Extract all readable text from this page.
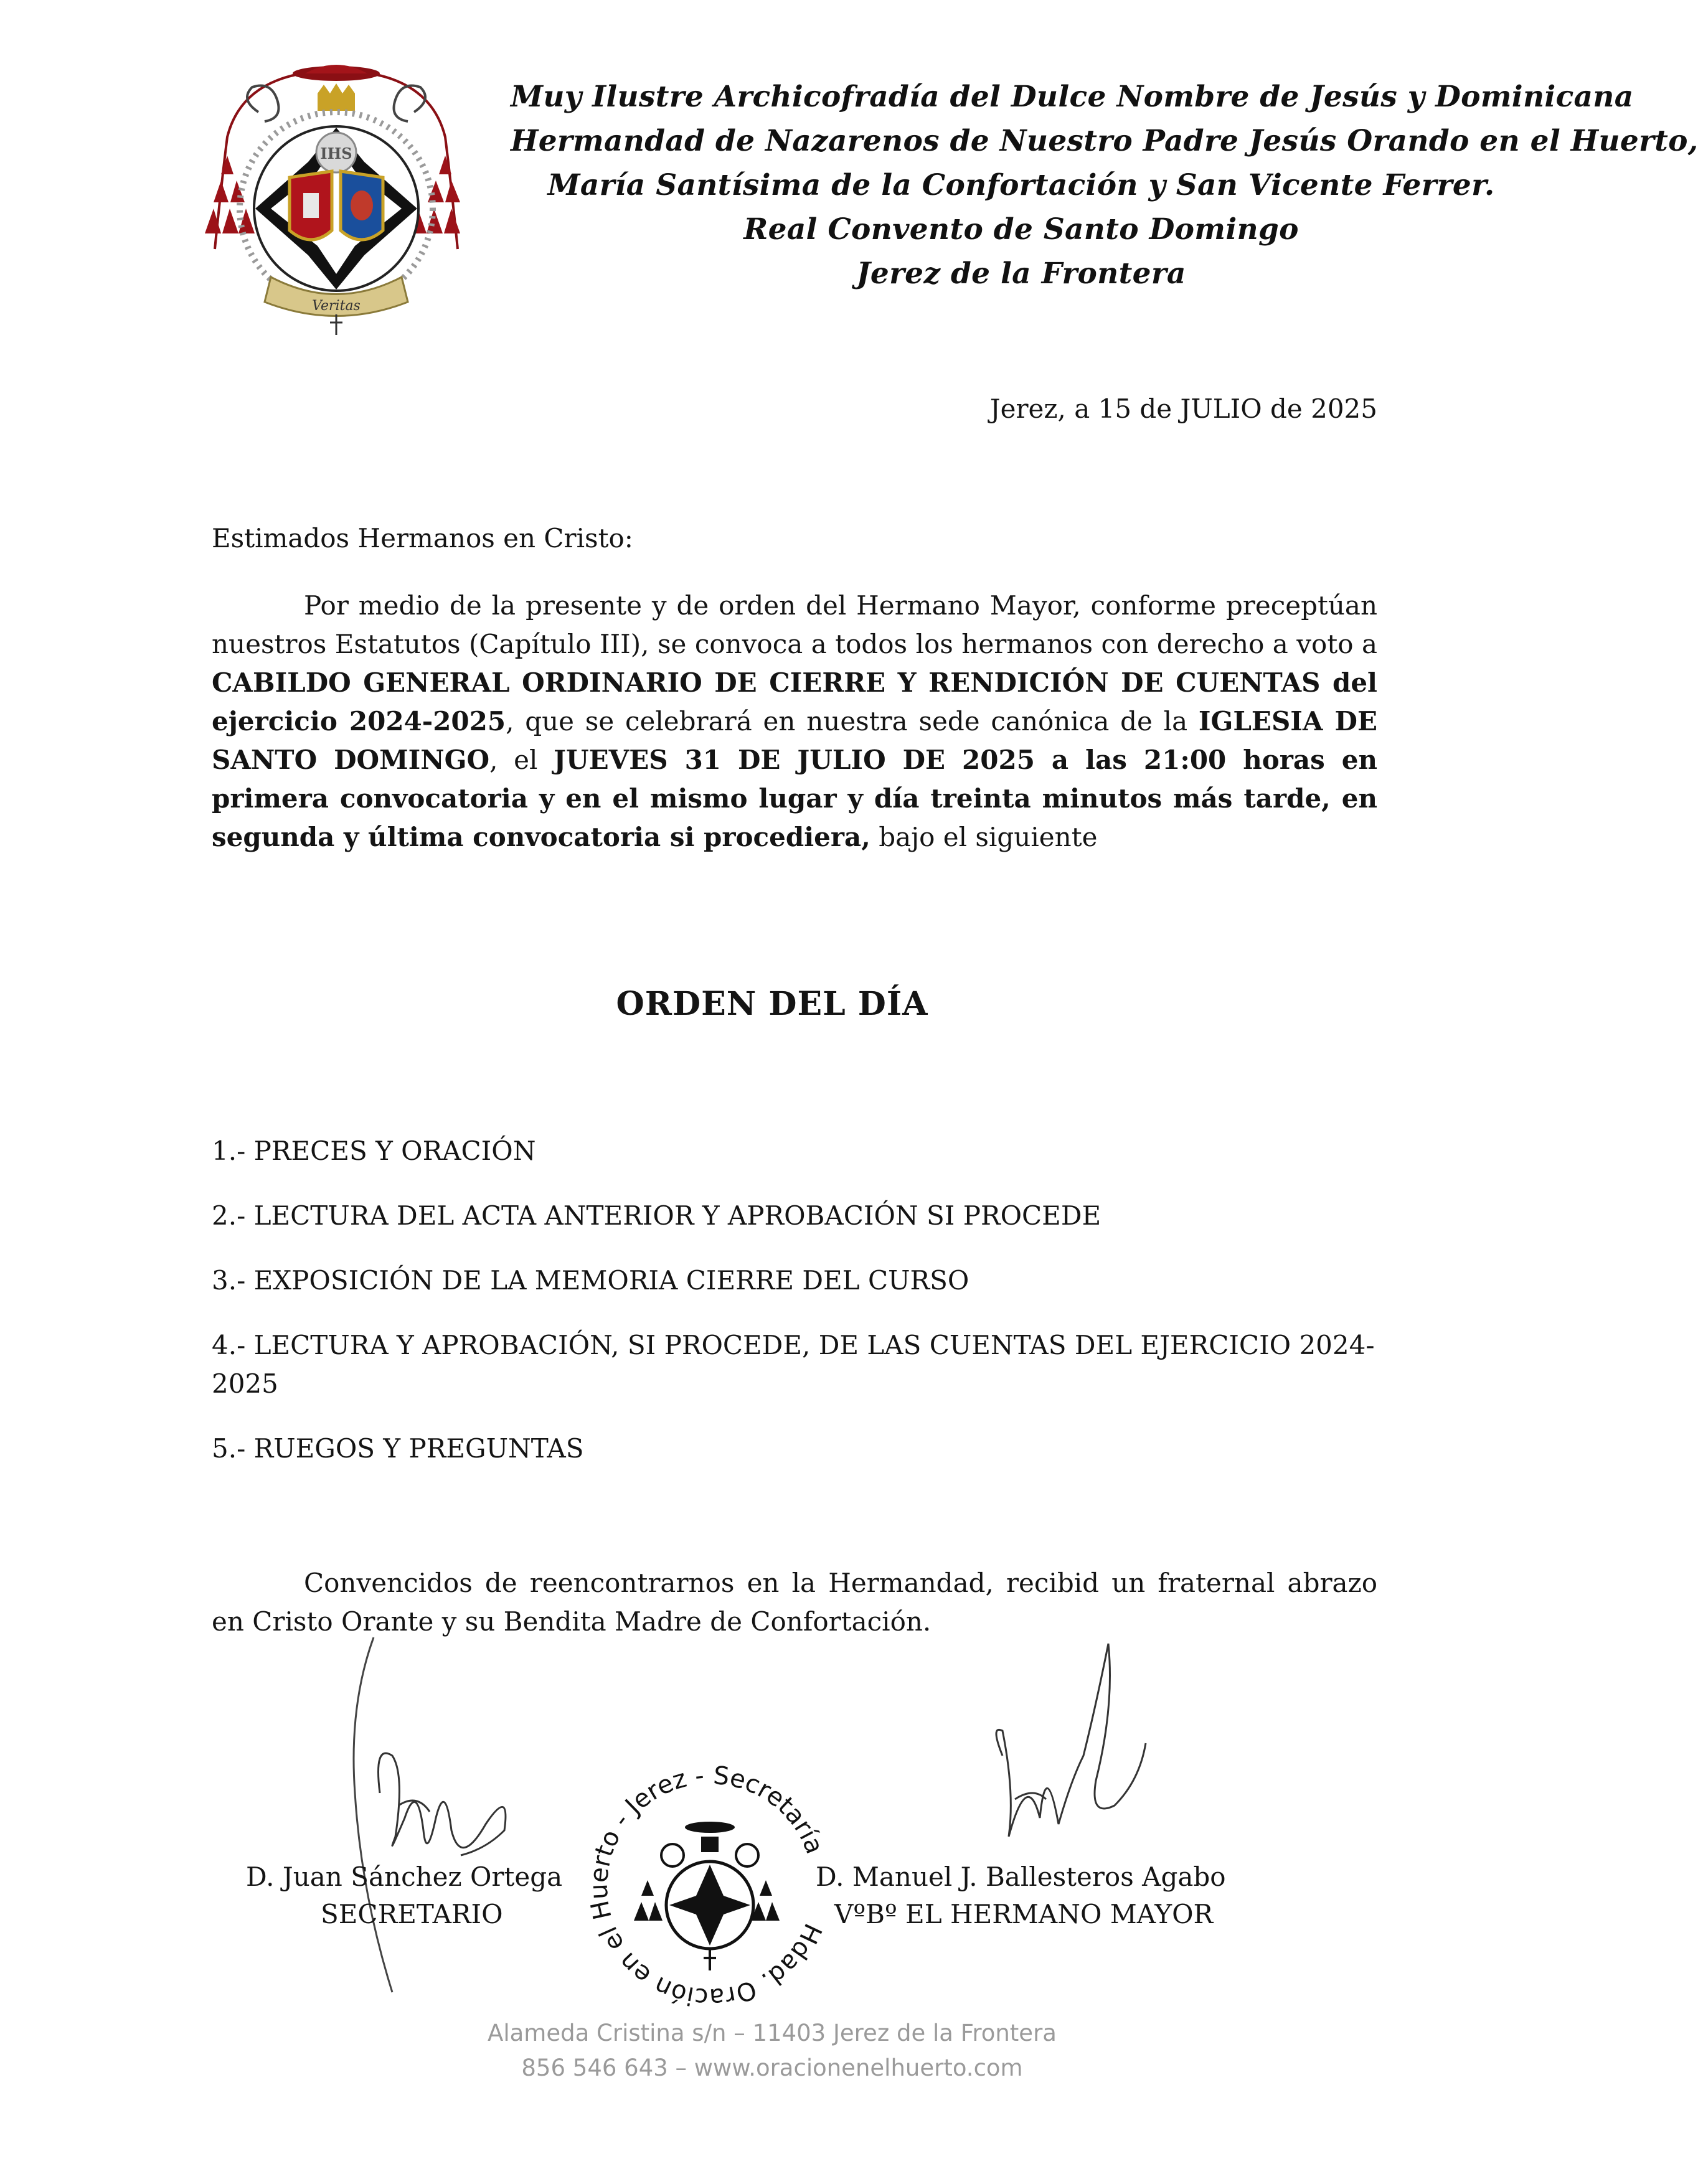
IHS
Veritas
Muy Ilustre Archicofradía del Dulce Nombre de Jesús y Dominicana
Hermandad de Nazarenos de Nuestro Padre Jesús Orando en el Huerto,
María Santísima de la Confortación y San Vicente Ferrer.
Real Convento de Santo Domingo
Jerez de la Frontera
Jerez, a 15 de JULIO de 2025
Estimados Hermanos en Cristo:
Por medio de la presente y de orden del Hermano Mayor, conforme preceptúan nuestros Estatutos (Capítulo III), se convoca a todos los hermanos con derecho a voto a CABILDO GENERAL ORDINARIO DE CIERRE Y RENDICIÓN DE CUENTAS del ejercicio 2024-2025, que se celebrará en nuestra sede canónica de la IGLESIA DE SANTO DOMINGO, el JUEVES 31 DE JULIO DE 2025 a las 21:00 horas en primera convocatoria y en el mismo lugar y día treinta minutos más tarde, en segunda y última convocatoria si procediera, bajo el siguiente
ORDEN DEL DÍA
1.- PRECES Y ORACIÓN
2.- LECTURA DEL ACTA ANTERIOR Y APROBACIÓN SI PROCEDE
3.- EXPOSICIÓN DE LA MEMORIA CIERRE DEL CURSO
4.- LECTURA Y APROBACIÓN, SI PROCEDE, DE LAS CUENTAS DEL EJERCICIO 2024-2025
5.- RUEGOS Y PREGUNTAS
Convencidos de reencontrarnos en la Hermandad, recibid un fraternal abrazo en Cristo Orante y su Bendita Madre de Confortación.
D. Juan Sánchez Ortega
SECRETARIO
D. Manuel J. Ballesteros Agabo
VºBº EL HERMANO MAYOR
Hdad. Oración en el Huerto - Jerez - Secretaría
Alameda Cristina s/n – 11403 Jerez de la Frontera
856 546 643 – www.oracionenelhuerto.com
